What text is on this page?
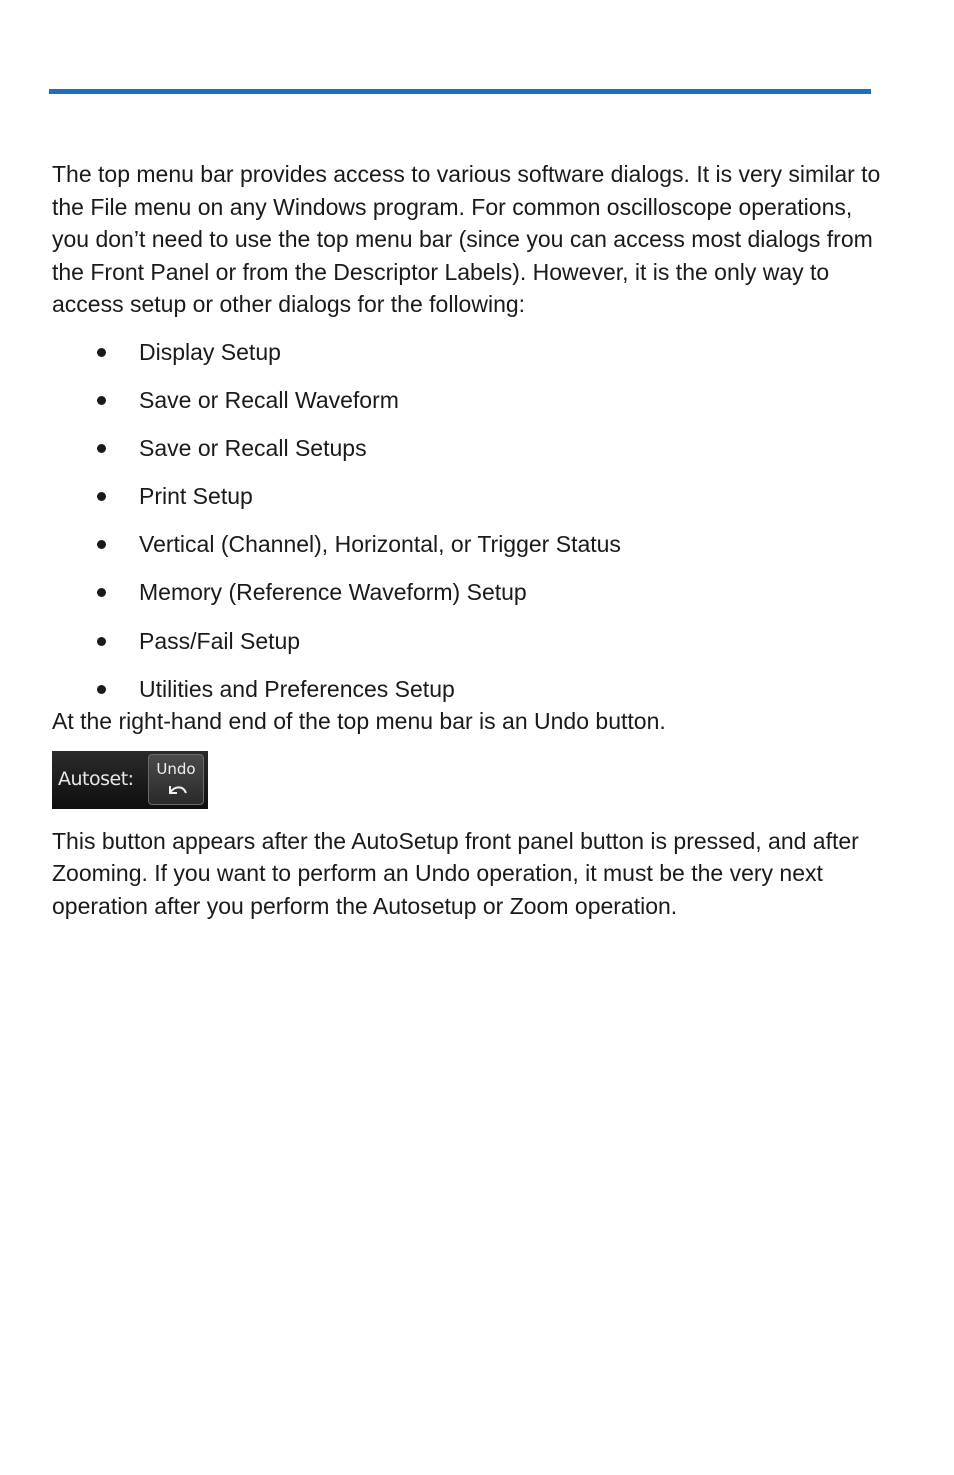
The top menu bar provides access to various software dialogs. It is very similar to the File menu on any Windows program. For common oscilloscope operations, you don’t need to use the top menu bar (since you can access most dialogs from the Front Panel or from the Descriptor Labels). However, it is the only way to access setup or other dialogs for the following:

Display Setup
Save or Recall Waveform
Save or Recall Setups
Print Setup
Vertical (Channel), Horizontal, or Trigger Status
Memory (Reference Waveform) Setup
Pass/Fail Setup
Utilities and Preferences Setup

At the right-hand end of the top menu bar is an Undo button.

Autoset:	Undo

This button appears after the AutoSetup front panel button is pressed, and after Zooming. If you want to perform an Undo operation, it must be the very next operation after you perform the Autosetup or Zoom operation.
